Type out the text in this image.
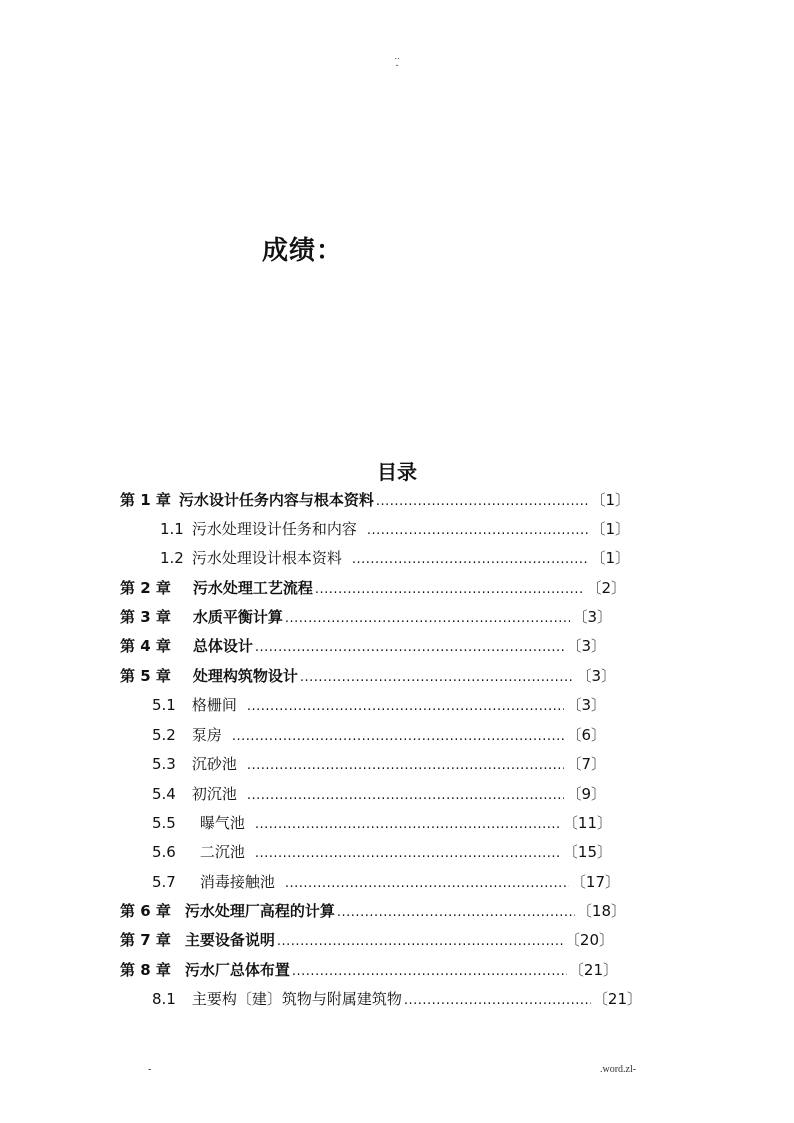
..
-
成绩：
目录
第 1 章 污水设计任务内容与根本资料 .....	〔1〕
1.1 污水处理设计任务和内容 .....	〔1〕
1.2 污水处理设计根本资料 .....	〔1〕
第 2 章 污水处理工艺流程 .....	〔2〕
第 3 章 水质平衡计算 .....	〔3〕
第 4 章 总体设计 .....	〔3〕
第 5 章 处理构筑物设计 .....	〔3〕
5.1 格栅间 .....	〔3〕
5.2 泵房 .....	〔6〕
5.3 沉砂池 .....	〔7〕
5.4 初沉池 .....	〔9〕
5.5 曝气池 .....	〔11〕
5.6 二沉池 .....	〔15〕
5.7 消毒接触池 .....	〔17〕
第 6 章 污水处理厂高程的计算 .....	〔18〕
第 7 章 主要设备说明 .....	〔20〕
第 8 章 污水厂总体布置 .....	〔21〕
8.1 主要构〔建〕筑物与附属建筑物 .....	〔21〕
-	.word.zl-
